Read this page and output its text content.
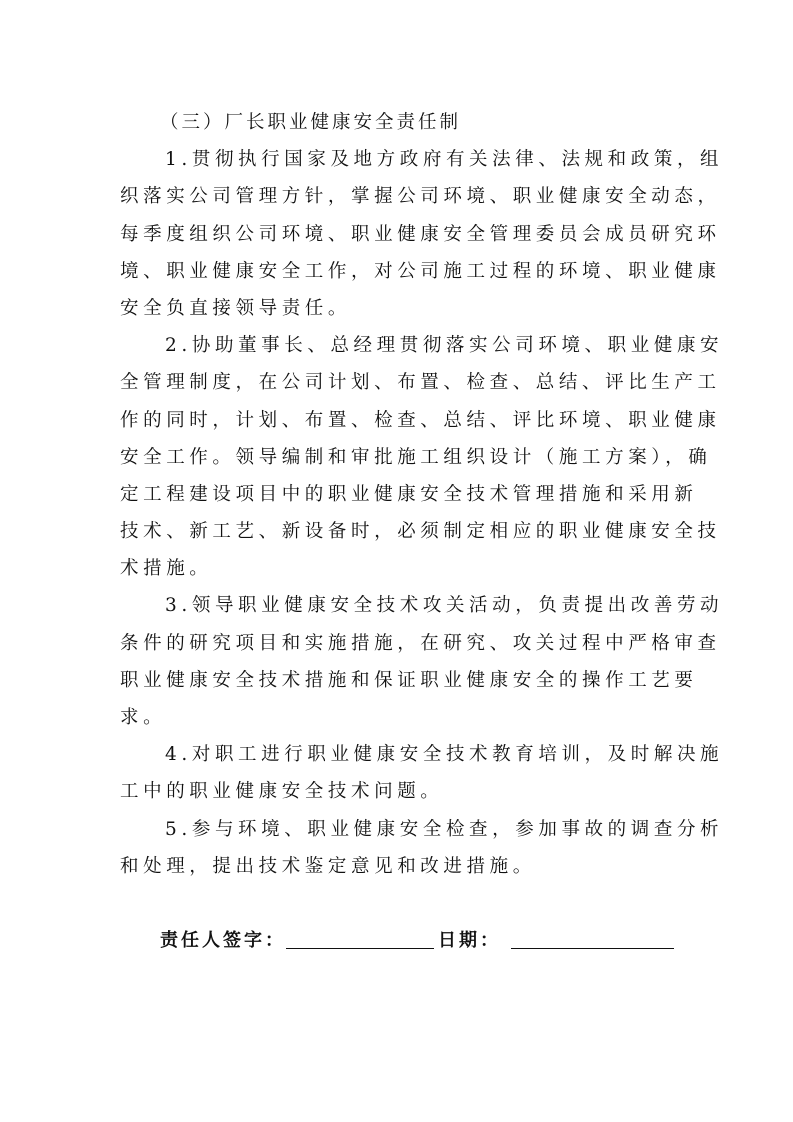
（三）厂长职业健康安全责任制
1.贯彻执行国家及地方政府有关法律、法规和政策，组
织落实公司管理方针，掌握公司环境、职业健康安全动态，
每季度组织公司环境、职业健康安全管理委员会成员研究环
境、职业健康安全工作，对公司施工过程的环境、职业健康
安全负直接领导责任。
2.协助董事长、总经理贯彻落实公司环境、职业健康安
全管理制度，在公司计划、布置、检查、总结、评比生产工
作的同时，计划、布置、检查、总结、评比环境、职业健康
安全工作。领导编制和审批施工组织设计（施工方案），确
定工程建设项目中的职业健康安全技术管理措施和采用新
技术、新工艺、新设备时，必须制定相应的职业健康安全技
术措施。
3.领导职业健康安全技术攻关活动，负责提出改善劳动
条件的研究项目和实施措施，在研究、攻关过程中严格审查
职业健康安全技术措施和保证职业健康安全的操作工艺要
求。
4.对职工进行职业健康安全技术教育培训，及时解决施
工中的职业健康安全技术问题。
5.参与环境、职业健康安全检查，参加事故的调查分析
和处理，提出技术鉴定意见和改进措施。
责任人签字：	日期：
